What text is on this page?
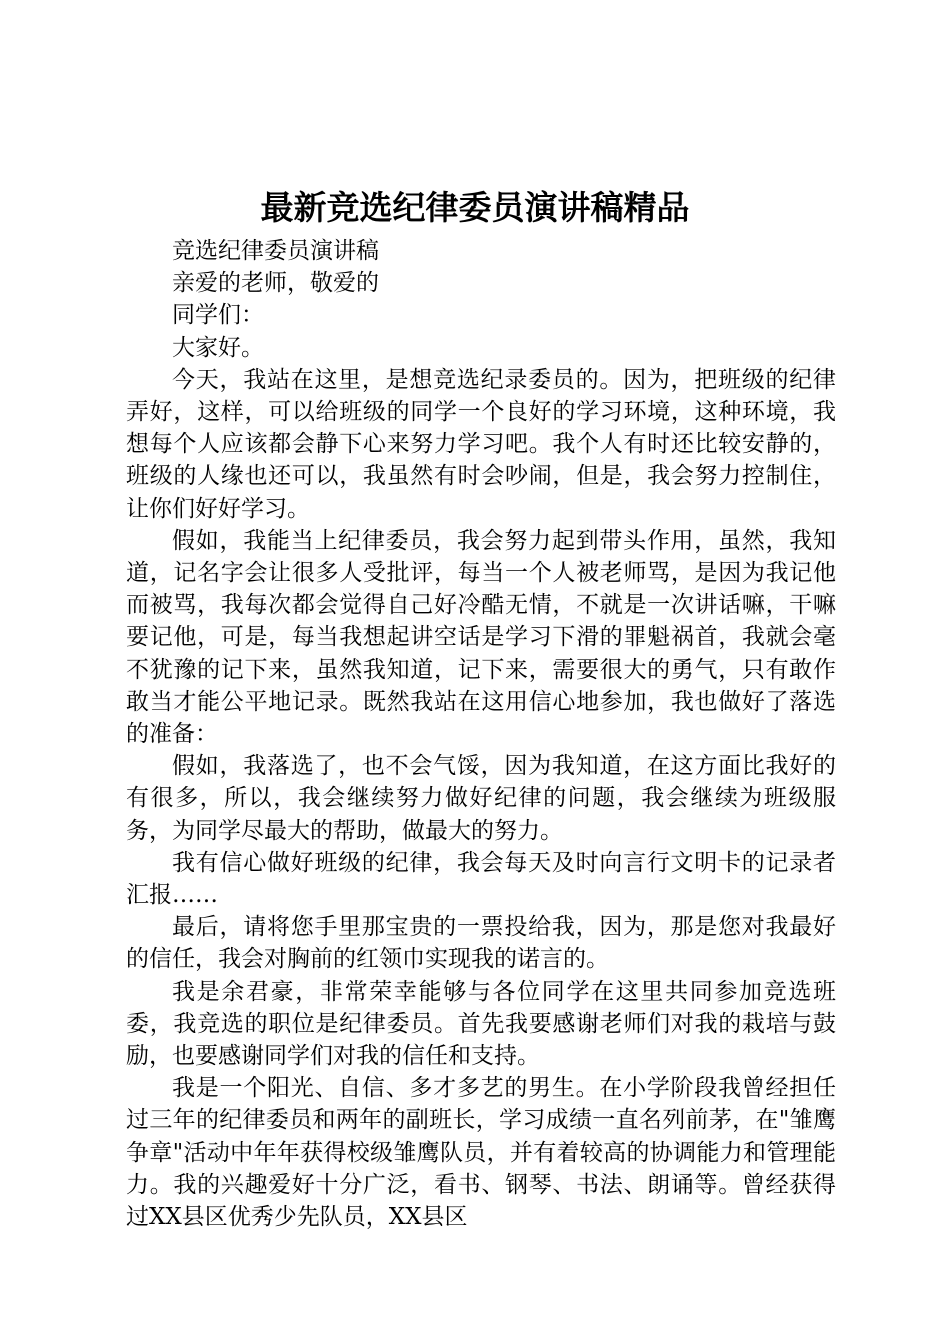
最新竞选纪律委员演讲稿精品

竞选纪律委员演讲稿

亲爱的老师，敬爱的

同学们：

大家好。

今天，我站在这里，是想竞选纪录委员的。因为，把班级的纪律弄好，这样，可以给班级的同学一个良好的学习环境，这种环境，我想每个人应该都会静下心来努力学习吧。我个人有时还比较安静的，班级的人缘也还可以，我虽然有时会吵闹，但是，我会努力控制住，让你们好好学习。

假如，我能当上纪律委员，我会努力起到带头作用，虽然，我知道，记名字会让很多人受批评，每当一个人被老师骂，是因为我记他而被骂，我每次都会觉得自己好冷酷无情，不就是一次讲话嘛，干嘛要记他，可是，每当我想起讲空话是学习下滑的罪魁祸首，我就会毫不犹豫的记下来，虽然我知道，记下来，需要很大的勇气，只有敢作敢当才能公平地记录。既然我站在这用信心地参加，我也做好了落选的准备：

假如，我落选了，也不会气馁，因为我知道，在这方面比我好的有很多，所以，我会继续努力做好纪律的问题，我会继续为班级服务，为同学尽最大的帮助，做最大的努力。

我有信心做好班级的纪律，我会每天及时向言行文明卡的记录者汇报……

最后，请将您手里那宝贵的一票投给我，因为，那是您对我最好的信任，我会对胸前的红领巾实现我的诺言的。

我是余君豪，非常荣幸能够与各位同学在这里共同参加竞选班委，我竞选的职位是纪律委员。首先我要感谢老师们对我的栽培与鼓励，也要感谢同学们对我的信任和支持。

我是一个阳光、自信、多才多艺的男生。在小学阶段我曾经担任过三年的纪律委员和两年的副班长，学习成绩一直名列前茅，在"雏鹰争章"活动中年年获得校级雏鹰队员，并有着较高的协调能力和管理能力。我的兴趣爱好十分广泛，看书、钢琴、书法、朗诵等。曾经获得过XX县区优秀少先队员，XX县区
